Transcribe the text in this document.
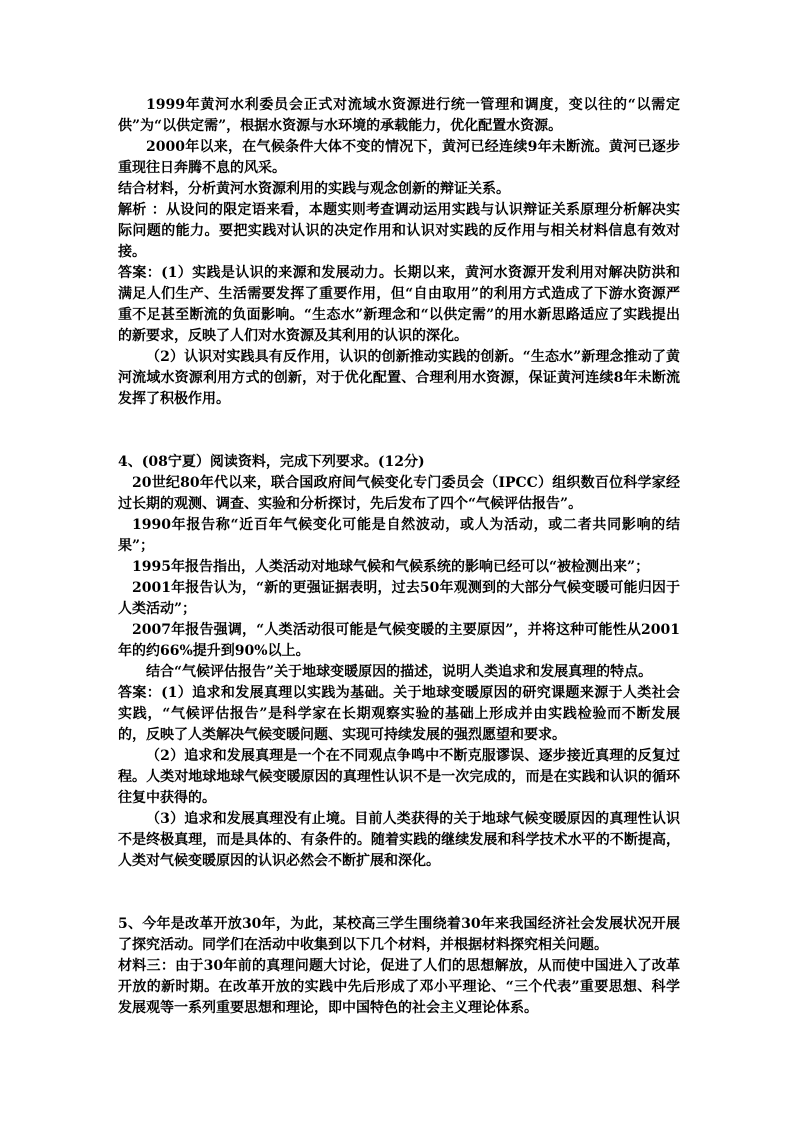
1999年黄河水利委员会正式对流域水资源进行统一管理和调度，变以往的“以需定供”为“以供定需”，根据水资源与水环境的承载能力，优化配置水资源。

2000年以来，在气候条件大体不变的情况下，黄河已经连续9年未断流。黄河已逐步重现往日奔腾不息的风采。

结合材料，分析黄河水资源利用的实践与观念创新的辩证关系。

解析 ：从设问的限定语来看，本题实则考查调动运用实践与认识辩证关系原理分析解决实际问题的能力。要把实践对认识的决定作用和认识对实践的反作用与相关材料信息有效对接。

答案：(1）实践是认识的来源和发展动力。长期以来，黄河水资源开发利用对解决防洪和满足人们生产、生活需要发挥了重要作用，但“自由取用”的利用方式造成了下游水资源严重不足甚至断流的负面影响。“生态水”新理念和“以供定需”的用水新思路适应了实践提出的新要求，反映了人们对水资源及其利用的认识的深化。

（2）认识对实践具有反作用，认识的创新推动实践的创新。“生态水”新理念推动了黄河流域水资源利用方式的创新，对于优化配置、合理利用水资源，保证黄河连续8年未断流发挥了积极作用。

4、(08宁夏）阅读资料，完成下列要求。(12分)

20世纪80年代以来，联合国政府间气候变化专门委员会（IPCC）组织数百位科学家经过长期的观测、调查、实验和分析探讨，先后发布了四个“气候评估报告”。

1990年报告称“近百年气候变化可能是自然波动，或人为活动，或二者共同影响的结果”；

1995年报告指出，人类活动对地球气候和气候系统的影响已经可以“被检测出来”；

2001年报告认为，“新的更强证据表明，过去50年观测到的大部分气候变暖可能归因于人类活动”；

2007年报告强调，“人类活动很可能是气候变暖的主要原因”，并将这种可能性从2001年的约66%提升到90%以上。

结合“气候评估报告”关于地球变暖原因的描述，说明人类追求和发展真理的特点。

答案：(1）追求和发展真理以实践为基础。关于地球变暖原因的研究课题来源于人类社会实践，“气候评估报告”是科学家在长期观察实验的基础上形成并由实践检验而不断发展的，反映了人类解决气候变暖问题、实现可持续发展的强烈愿望和要求。

（2）追求和发展真理是一个在不同观点争鸣中不断克服谬误、逐步接近真理的反复过程。人类对地球地球气候变暖原因的真理性认识不是一次完成的，而是在实践和认识的循环往复中获得的。

（3）追求和发展真理没有止境。目前人类获得的关于地球气候变暖原因的真理性认识不是终极真理，而是具体的、有条件的。随着实践的继续发展和科学技术水平的不断提高，人类对气候变暖原因的认识必然会不断扩展和深化。

5、今年是改革开放30年，为此，某校高三学生围绕着30年来我国经济社会发展状况开展了探究活动。同学们在活动中收集到以下几个材料，并根据材料探究相关问题。

材料三：由于30年前的真理问题大讨论，促进了人们的思想解放，从而使中国进入了改革开放的新时期。在改革开放的实践中先后形成了邓小平理论、“三个代表”重要思想、科学发展观等一系列重要思想和理论，即中国特色的社会主义理论体系。
